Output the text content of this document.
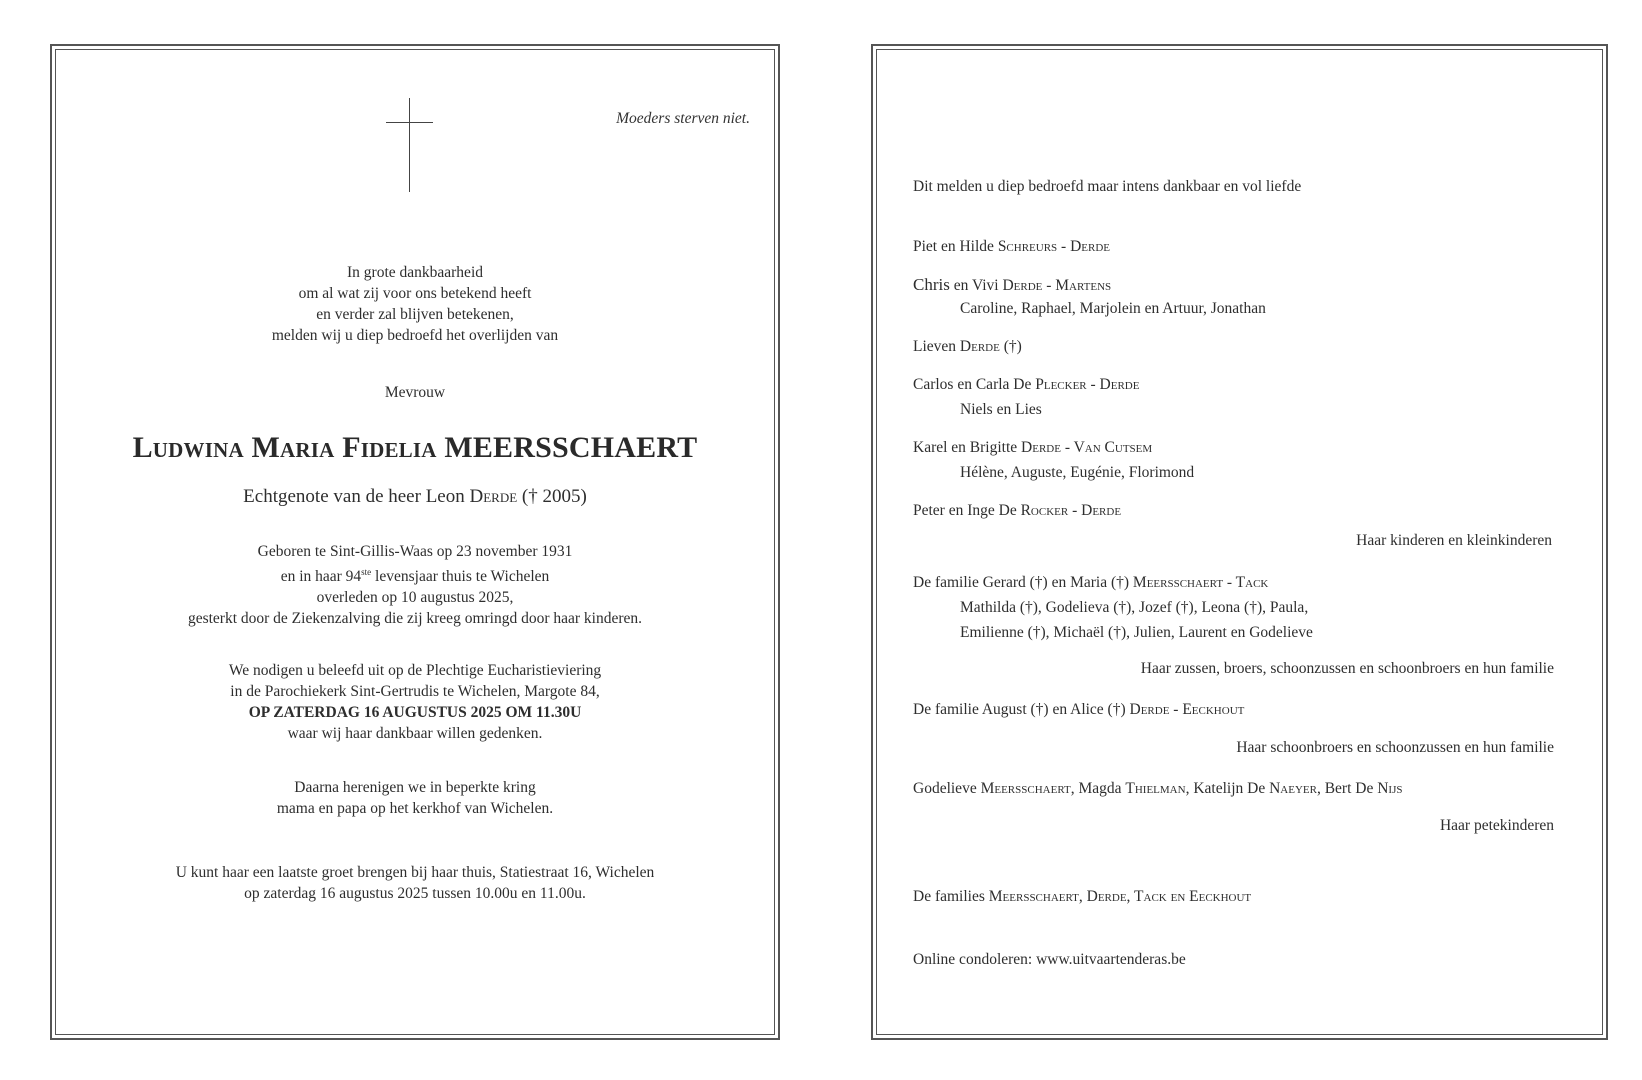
Moeders sterven niet.
In grote dankbaarheid
om al wat zij voor ons betekend heeft
en verder zal blijven betekenen,
melden wij u diep bedroefd het overlijden van
Mevrouw
Ludwina Maria Fidelia MEERSSCHAERT
Echtgenote van de heer Leon Derde († 2005)
Geboren te Sint-Gillis-Waas op 23 november 1931
en in haar 94ste levensjaar thuis te Wichelen
overleden op 10 augustus 2025,
gesterkt door de Ziekenzalving die zij kreeg omringd door haar kinderen.
We nodigen u beleefd uit op de Plechtige Eucharistieviering
in de Parochiekerk Sint-Gertrudis te Wichelen, Margote 84,
OP ZATERDAG 16 AUGUSTUS 2025 OM 11.30U
waar wij haar dankbaar willen gedenken.
Daarna herenigen we in beperkte kring
mama en papa op het kerkhof van Wichelen.
U kunt haar een laatste groet brengen bij haar thuis, Statiestraat 16, Wichelen
op zaterdag 16 augustus 2025 tussen 10.00u en 11.00u.
Dit melden u diep bedroefd maar intens dankbaar en vol liefde
Piet en Hilde Schreurs - Derde
Chris en Vivi Derde - Martens
Caroline, Raphael, Marjolein en Artuur, Jonathan
Lieven Derde (†)
Carlos en Carla De Plecker - Derde
Niels en Lies
Karel en Brigitte Derde - Van Cutsem
Hélène, Auguste, Eugénie, Florimond
Peter en Inge De Rocker - Derde
Haar kinderen en kleinkinderen
De familie Gerard (†) en Maria (†) Meersschaert - Tack
Mathilda (†), Godelieva (†), Jozef (†), Leona (†), Paula,
Emilienne (†), Michaël (†), Julien, Laurent en Godelieve
Haar zussen, broers, schoonzussen en schoonbroers en hun familie
De familie August (†) en Alice (†) Derde - Eeckhout
Haar schoonbroers en schoonzussen en hun familie
Godelieve Meersschaert, Magda Thielman, Katelijn De Naeyer, Bert De Nijs
Haar petekinderen
De families Meersschaert, Derde, Tack en Eeckhout
Online condoleren: www.uitvaartenderas.be
